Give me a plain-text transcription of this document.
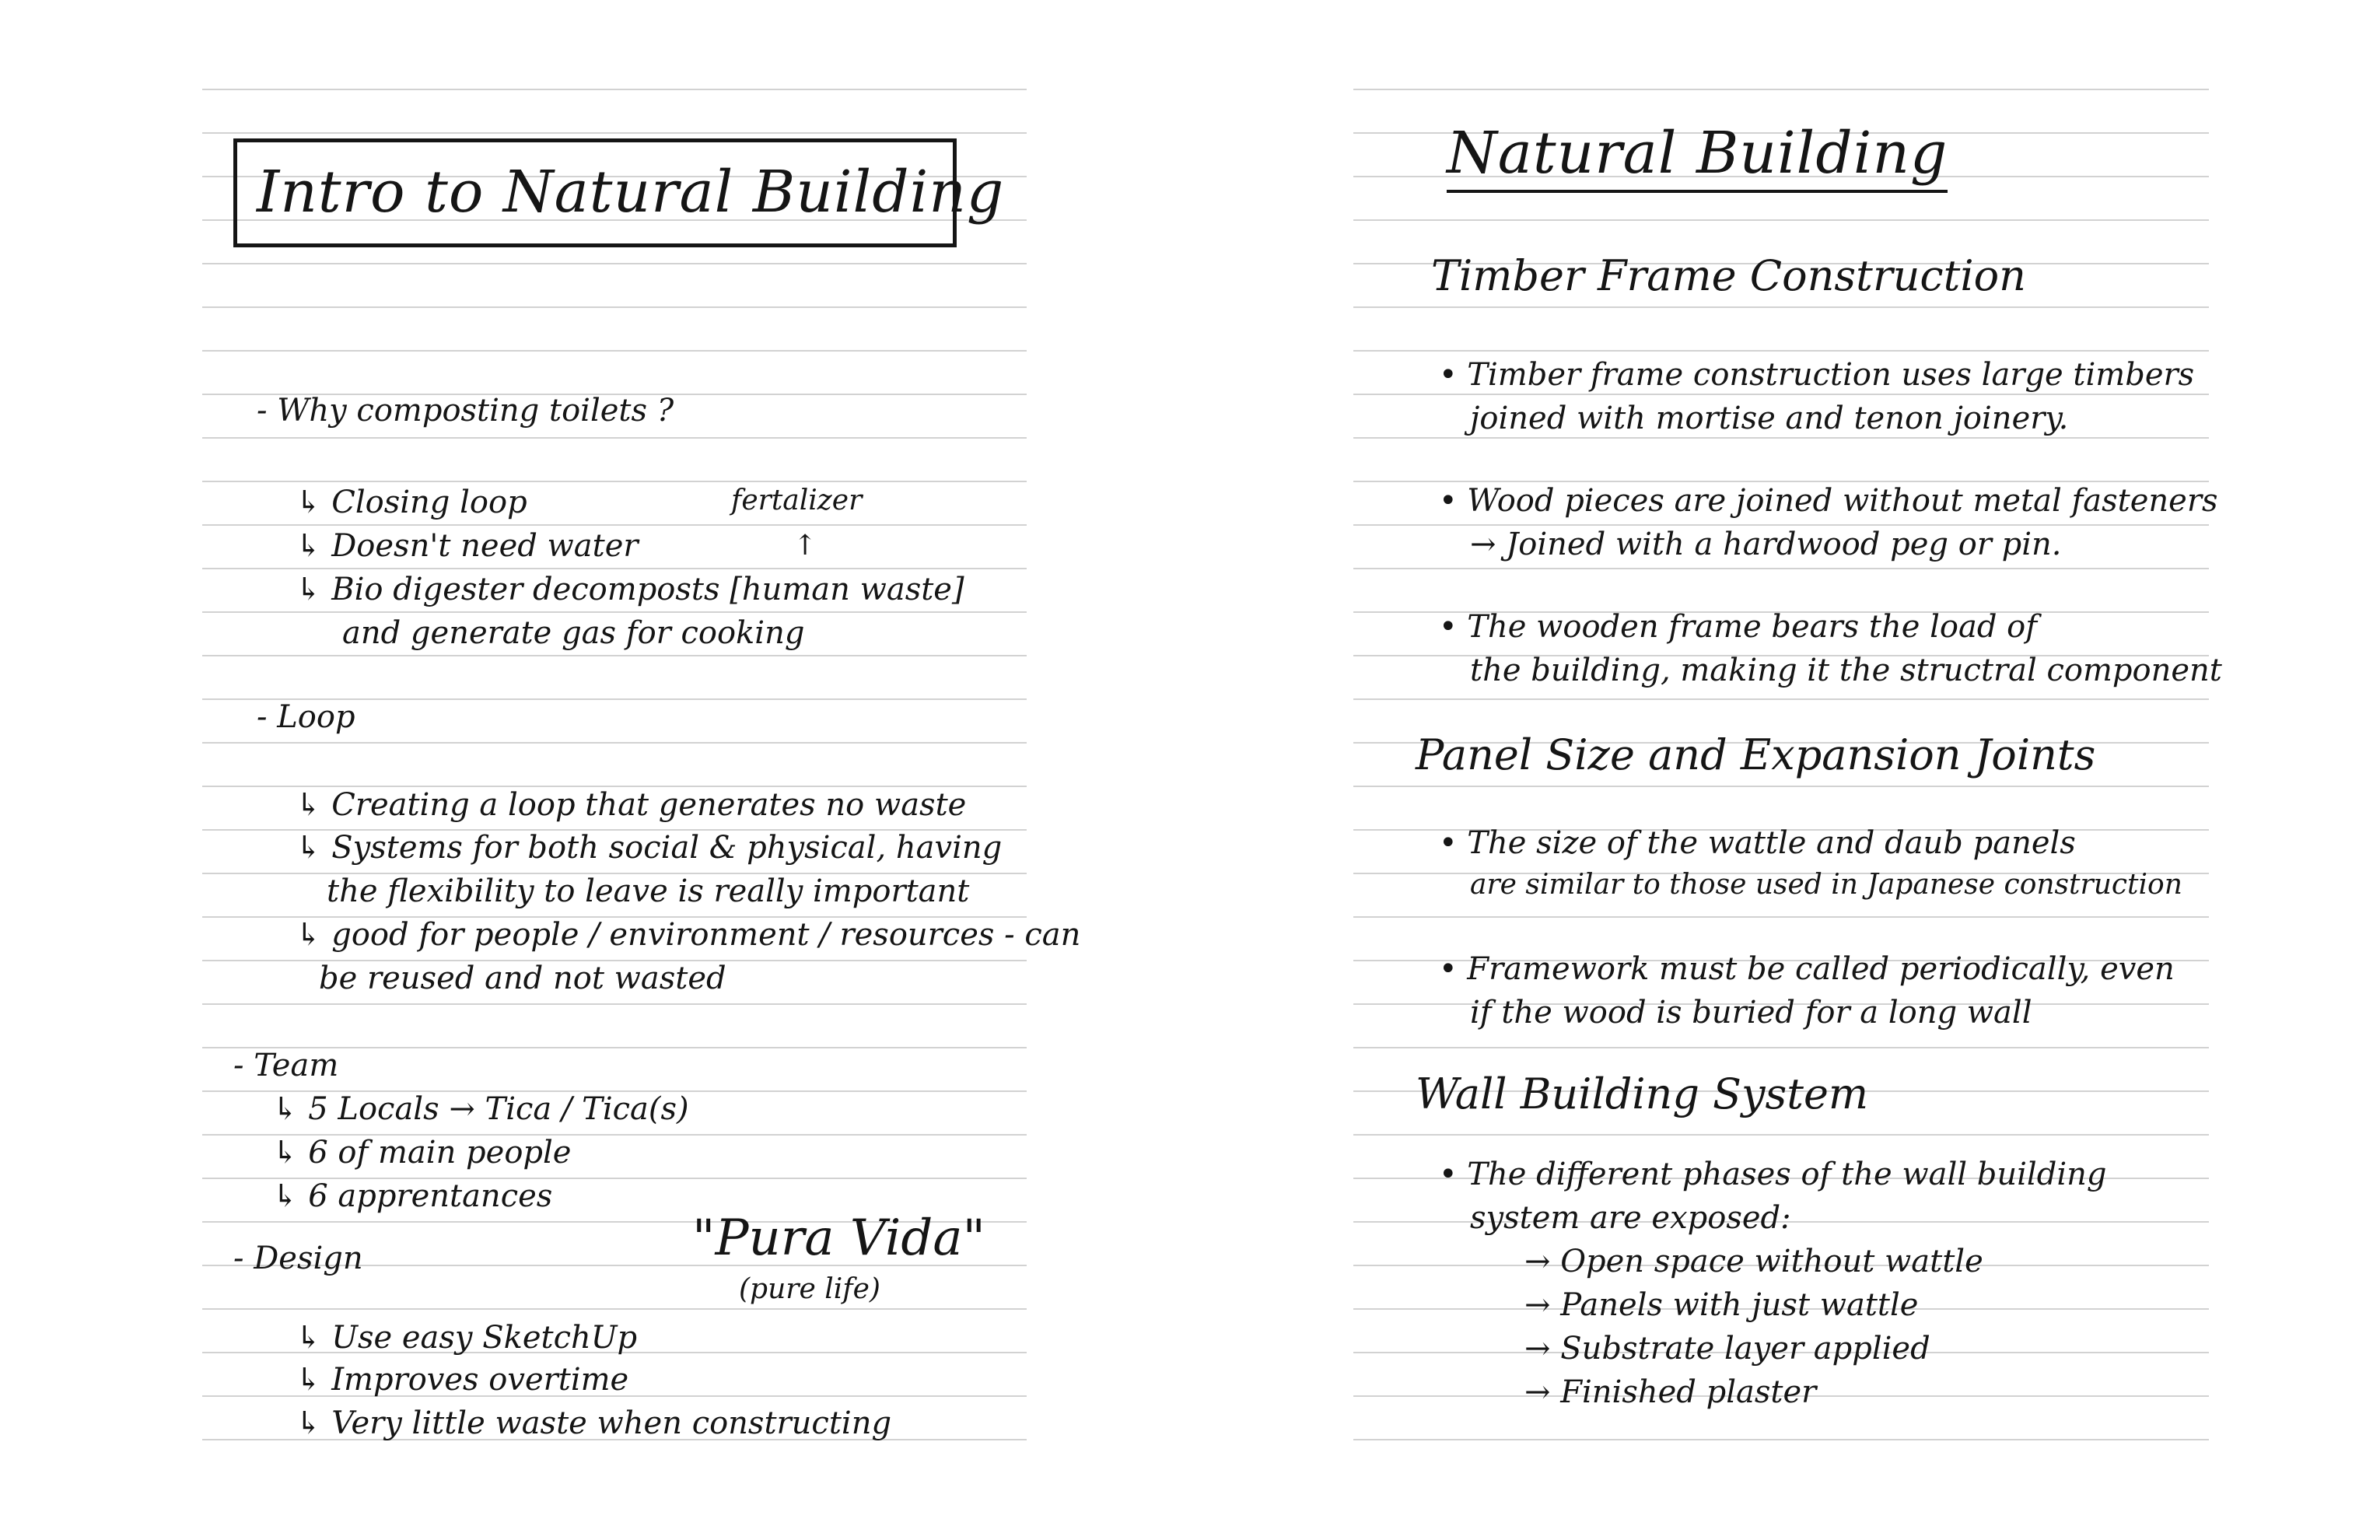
Intro to Natural Building
- Why composting toilets ?
↳ Closing loop	fertalizer
↳ Doesn't need water	↑
↳ Bio digester decomposts [human waste]
and generate gas for cooking
- Loop
↳ Creating a loop that generates no waste
↳ Systems for both social & physical, having
the flexibility to leave is really important
↳ good for people / environment / resources - can
be reused and not wasted
- Team
↳ 5 Locals → Tica / Tica(s)
↳ 6 of main people
↳ 6 apprentances
- Design	"Pura Vida"
(pure life)
↳ Use easy SketchUp
↳ Improves overtime
↳ Very little waste when constructing
Natural Building
Timber Frame Construction
• Timber frame construction uses large timbers
joined with mortise and tenon joinery.
• Wood pieces are joined without metal fasteners
→ Joined with a hardwood peg or pin.
• The wooden frame bears the load of
the building, making it the structral component
Panel Size and Expansion Joints
• The size of the wattle and daub panels
are similar to those used in Japanese construction
• Framework must be called periodically, even
if the wood is buried for a long wall
Wall Building System
• The different phases of the wall building
system are exposed:
→ Open space without wattle
→ Panels with just wattle
→ Substrate layer applied
→ Finished plaster
